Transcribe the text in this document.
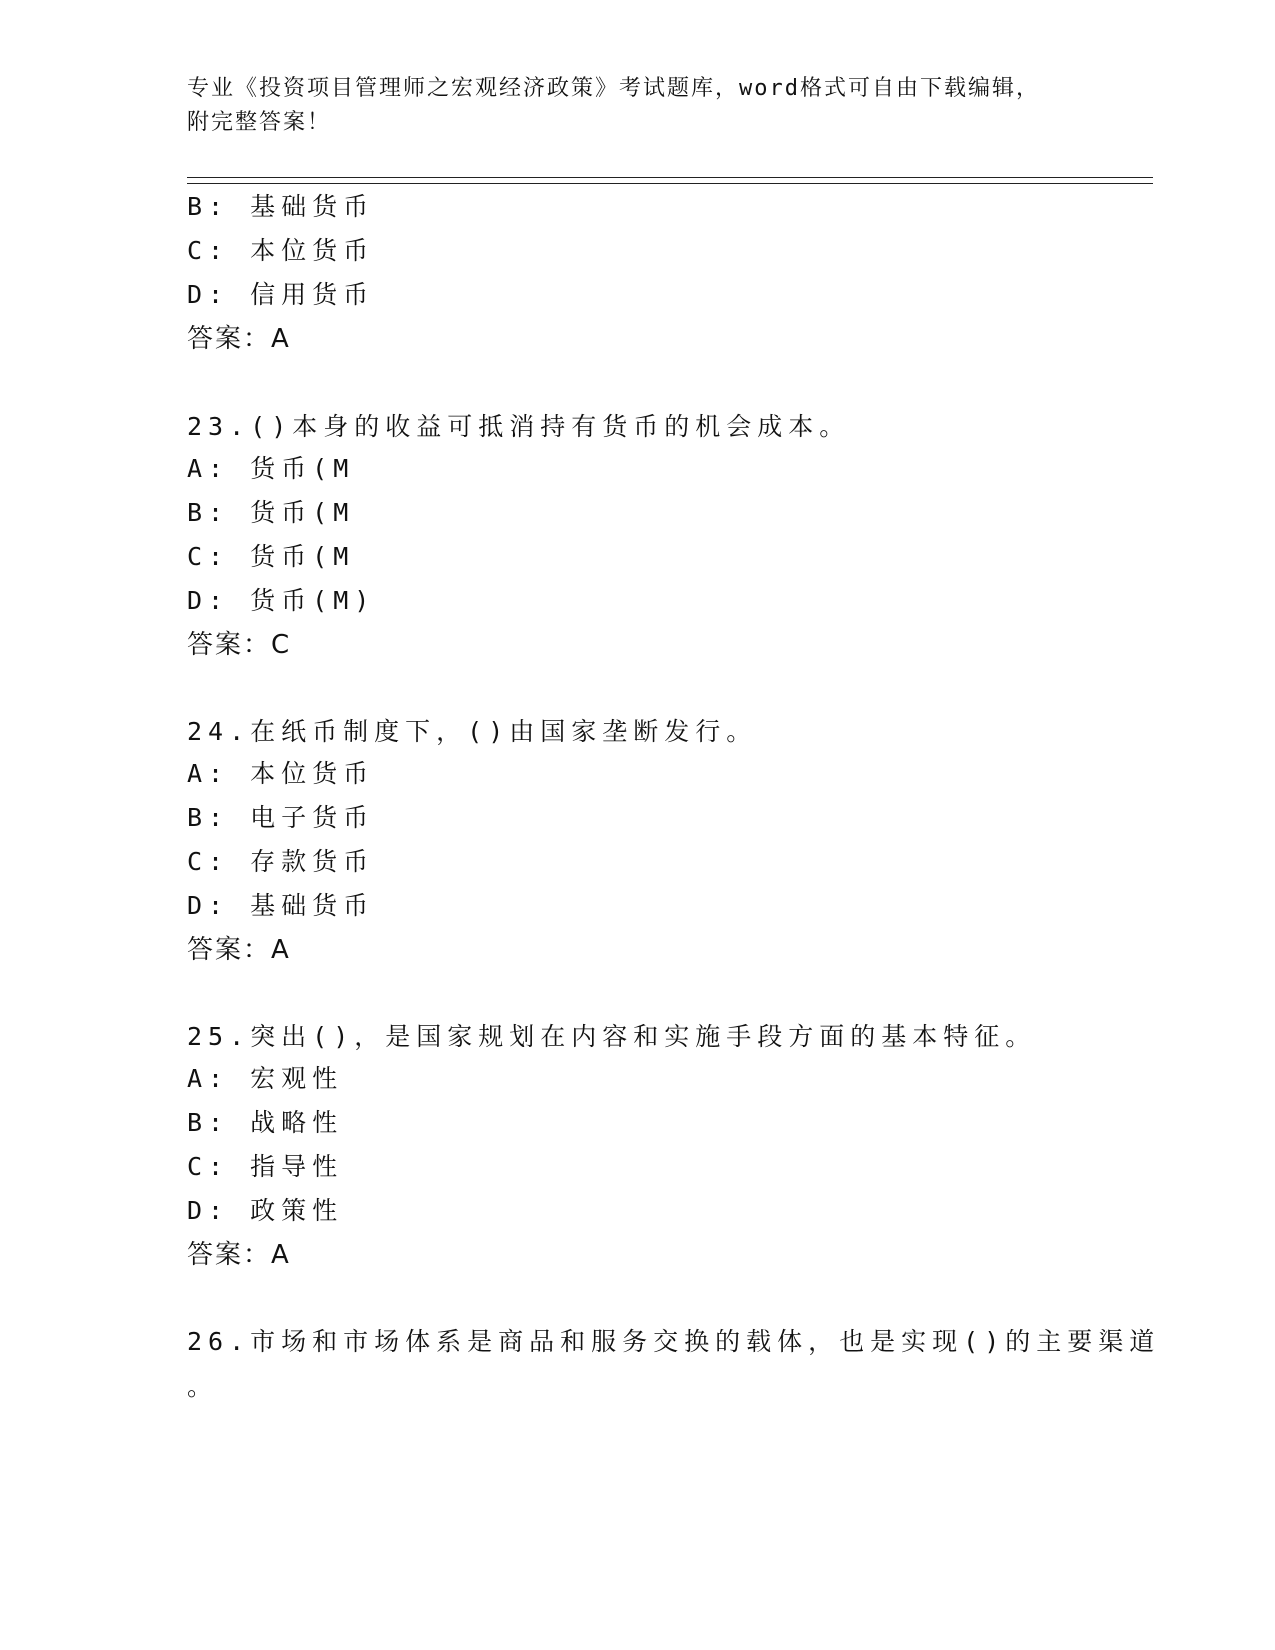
专业《投资项目管理师之宏观经济政策》考试题库，word格式可自由下载编辑，
附完整答案！
B: 基础货币
C: 本位货币
D: 信用货币
答案：A
23.()本身的收益可抵消持有货币的机会成本。
A: 货币(M
B: 货币(M
C: 货币(M
D: 货币(M)
答案：C
24.在纸币制度下，()由国家垄断发行。
A: 本位货币
B: 电子货币
C: 存款货币
D: 基础货币
答案：A
25.突出()，是国家规划在内容和实施手段方面的基本特征。
A: 宏观性
B: 战略性
C: 指导性
D: 政策性
答案：A
26.市场和市场体系是商品和服务交换的载体，也是实现()的主要渠道
。
